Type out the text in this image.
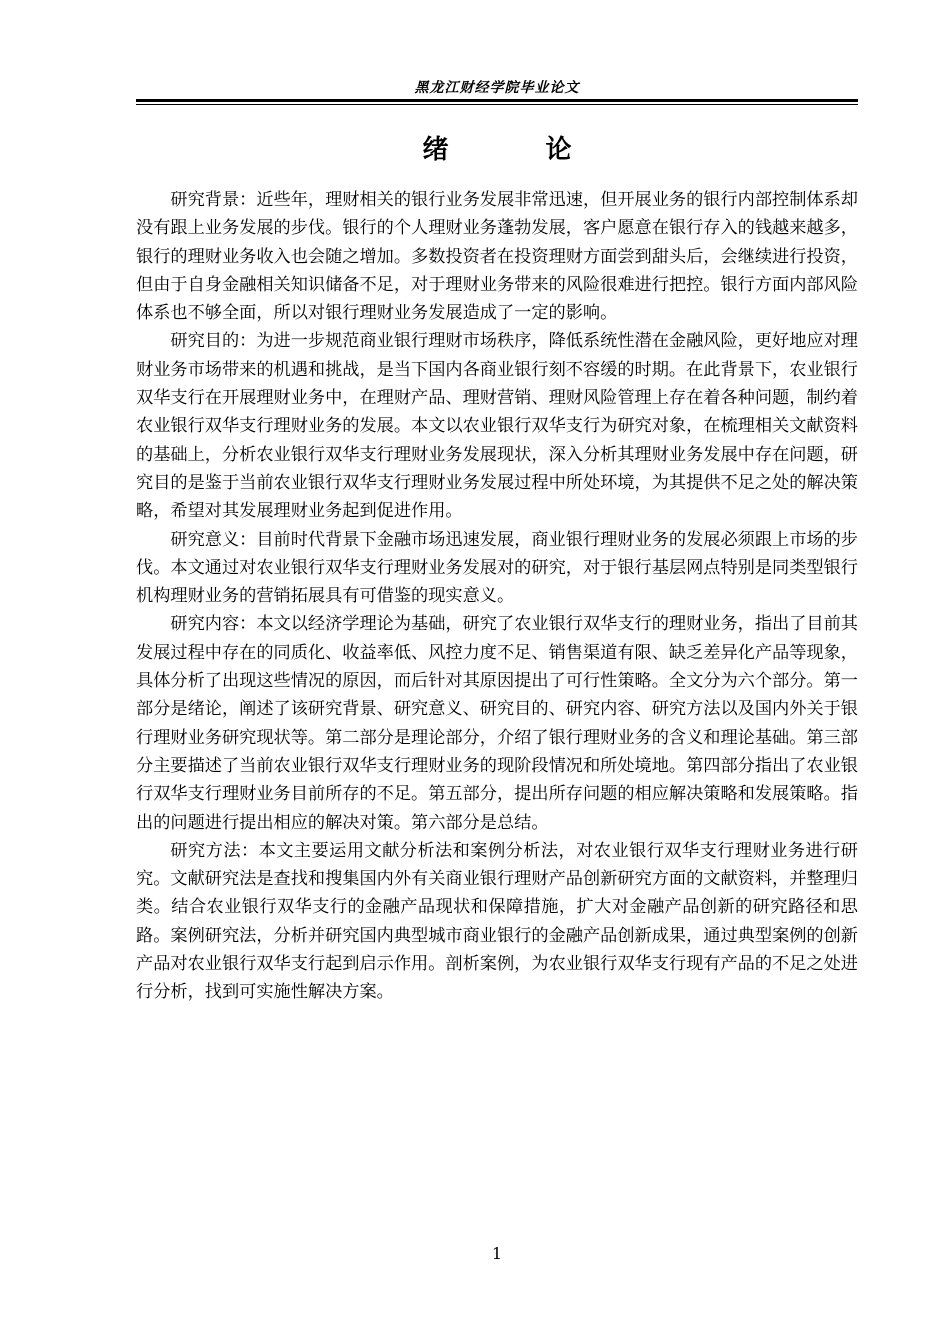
黑龙江财经学院毕业论文
绪 论

研究背景：近些年，理财相关的银行业务发展非常迅速，但开展业务的银行内部控制体系却没有跟上业务发展的步伐。银行的个人理财业务蓬勃发展，客户愿意在银行存入的钱越来越多，银行的理财业务收入也会随之增加。多数投资者在投资理财方面尝到甜头后，会继续进行投资，但由于自身金融相关知识储备不足，对于理财业务带来的风险很难进行把控。银行方面内部风险体系也不够全面，所以对银行理财业务发展造成了一定的影响。

研究目的：为进一步规范商业银行理财市场秩序，降低系统性潜在金融风险，更好地应对理财业务市场带来的机遇和挑战，是当下国内各商业银行刻不容缓的时期。在此背景下，农业银行双华支行在开展理财业务中，在理财产品、理财营销、理财风险管理上存在着各种问题，制约着农业银行双华支行理财业务的发展。本文以农业银行双华支行为研究对象，在梳理相关文献资料的基础上，分析农业银行双华支行理财业务发展现状，深入分析其理财业务发展中存在问题，研究目的是鉴于当前农业银行双华支行理财业务发展过程中所处环境，为其提供不足之处的解决策略，希望对其发展理财业务起到促进作用。

研究意义：目前时代背景下金融市场迅速发展，商业银行理财业务的发展必须跟上市场的步伐。本文通过对农业银行双华支行理财业务发展对的研究，对于银行基层网点特别是同类型银行机构理财业务的营销拓展具有可借鉴的现实意义。

研究内容：本文以经济学理论为基础，研究了农业银行双华支行的理财业务，指出了目前其发展过程中存在的同质化、收益率低、风控力度不足、销售渠道有限、缺乏差异化产品等现象，具体分析了出现这些情况的原因，而后针对其原因提出了可行性策略。全文分为六个部分。第一部分是绪论，阐述了该研究背景、研究意义、研究目的、研究内容、研究方法以及国内外关于银行理财业务研究现状等。第二部分是理论部分，介绍了银行理财业务的含义和理论基础。第三部分主要描述了当前农业银行双华支行理财业务的现阶段情况和所处境地。第四部分指出了农业银行双华支行理财业务目前所存的不足。第五部分，提出所存问题的相应解决策略和发展策略。指出的问题进行提出相应的解决对策。第六部分是总结。

研究方法：本文主要运用文献分析法和案例分析法，对农业银行双华支行理财业务进行研究。文献研究法是查找和搜集国内外有关商业银行理财产品创新研究方面的文献资料，并整理归类。结合农业银行双华支行的金融产品现状和保障措施，扩大对金融产品创新的研究路径和思路。案例研究法，分析并研究国内典型城市商业银行的金融产品创新成果，通过典型案例的创新产品对农业银行双华支行起到启示作用。剖析案例，为农业银行双华支行现有产品的不足之处进行分析，找到可实施性解决方案。

1
